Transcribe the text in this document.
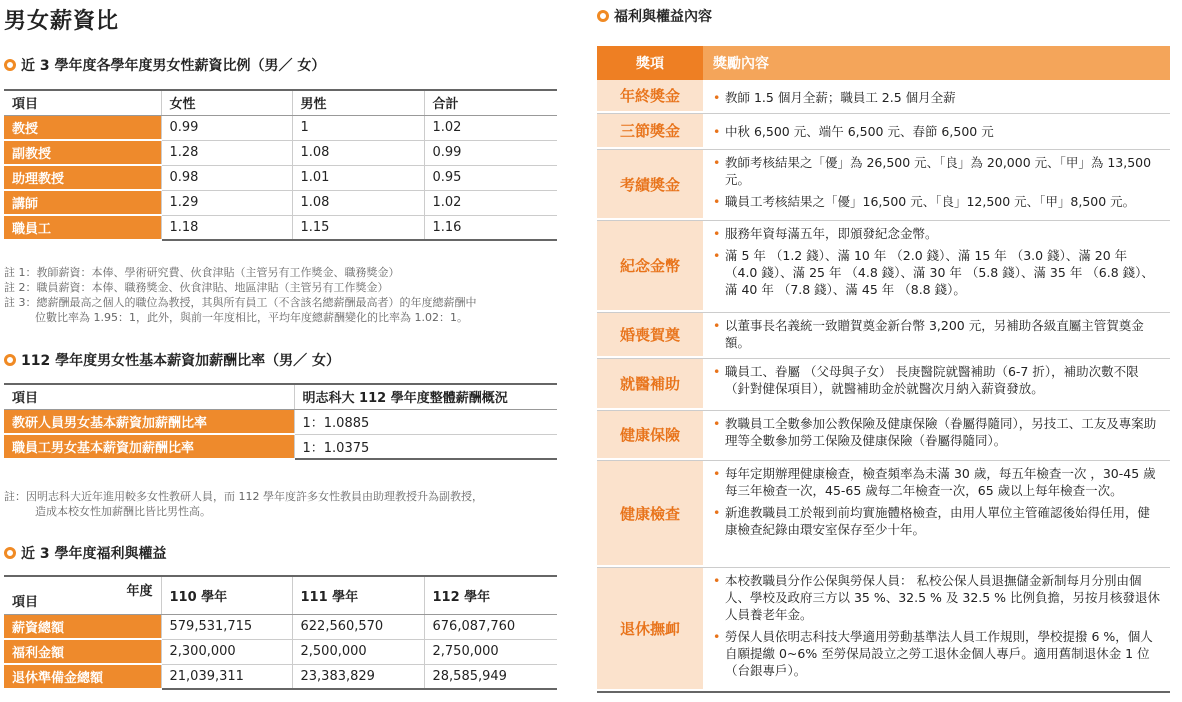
男女薪資比
近 3 學年度各學年度男女性薪資比例（男／ 女）
項目	女性	男性	合計
教授	0.99	1	1.02
副教授	1.28	1.08	0.99
助理教授	0.98	1.01	0.95
講師	1.29	1.08	1.02
職員工	1.18	1.15	1.16
註 1：教師薪資：本俸、學術研究費、伙食津貼（主管另有工作獎金、職務獎金）
註 2：職員薪資：本俸、職務獎金、伙食津貼、地區津貼（主管另有工作獎金）
註 3：總薪酬最高之個人的職位為教授，其與所有員工（不含該名總薪酬最高者）的年度總薪酬中
位數比率為 1.95：1，此外，與前一年度相比，平均年度總薪酬變化的比率為 1.02：1。
112 學年度男女性基本薪資加薪酬比率（男／ 女）
項目	明志科大 112 學年度整體薪酬概況
教研人員男女基本薪資加薪酬比率	1：1.0885
職員工男女基本薪資加薪酬比率	1：1.0375
註：因明志科大近年進用較多女性教研人員，而 112 學年度許多女性教員由助理教授升為副教授，
造成本校女性加薪酬比皆比男性高。
近 3 學年度福利與權益
年度
項目	110 學年	111 學年	112 學年
薪資總額	579,531,715	622,560,570	676,087,760
福利金額	2,300,000	2,500,000	2,750,000
退休準備金總額	21,039,311	23,383,829	28,585,949
福利與權益內容
獎項	獎勵內容
年終獎金	• 教師 1.5 個月全薪；職員工 2.5 個月全薪
三節獎金	• 中秋 6,500 元、端午 6,500 元、春節 6,500 元
考績獎金
• 教師考核結果之「優」為 26,500 元、「良」為 20,000 元、「甲」為 13,500 元。
• 職員工考核結果之「優」16,500 元、「良」12,500 元、「甲」8,500 元。
紀念金幣
• 服務年資每滿五年，即頒發紀念金幣。
• 滿 5 年 （1.2 錢）、滿 10 年 （2.0 錢）、滿 15 年 （3.0 錢）、滿 20 年 （4.0 錢）、滿 25 年 （4.8 錢）、滿 30 年 （5.8 錢）、滿 35 年 （6.8 錢）、滿 40 年 （7.8 錢）、滿 45 年 （8.8 錢）。
婚喪賀奠
• 以董事長名義統一致贈賀奠金新台幣 3,200 元，另補助各級直屬主管賀奠金額。
就醫補助
• 職員工、眷屬 （父母與子女） 長庚醫院就醫補助（6-7 折），補助次數不限 （針對健保項目），就醫補助金於就醫次月納入薪資發放。
健康保險
• 教職員工全數參加公教保險及健康保險（眷屬得隨同），另技工、工友及專案助理等全數參加勞工保險及健康保險（眷屬得隨同）。
健康檢查
• 每年定期辦理健康檢查，檢查頻率為未滿 30 歲，每五年檢查一次 ，30-45 歲每三年檢查一次，45-65 歲每二年檢查一次，65 歲以上每年檢查一次。
• 新進教職員工於報到前均實施體格檢查，由用人單位主管確認後始得任用，健康檢查紀錄由環安室保存至少十年。
退休撫卹
• 本校教職員分作公保與勞保人員： 私校公保人員退撫儲金新制每月分別由個人、學校及政府三方以 35 %、32.5 % 及 32.5 % 比例負擔，另按月核發退休人員養老年金。
• 勞保人員依明志科技大學適用勞動基準法人員工作規則，學校提撥 6 %，個人自願提繳 0~6% 至勞保局設立之勞工退休金個人專戶。適用舊制退休金 1 位（台銀專戶）。
